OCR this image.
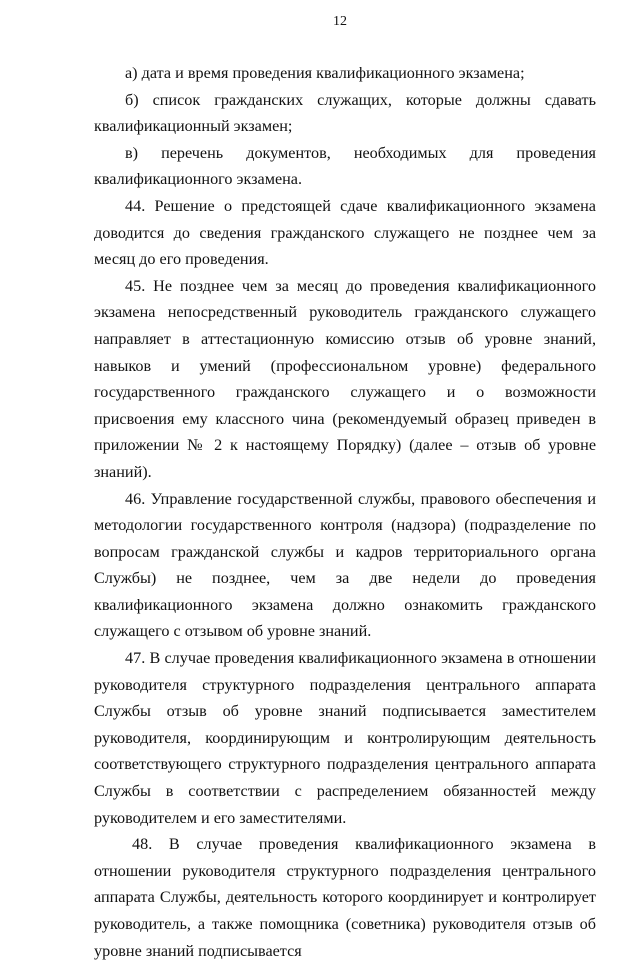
12

а) дата и время проведения квалификационного экзамена;

б) список гражданских служащих, которые должны сдавать квалификационный экзамен;

в) перечень документов, необходимых для проведения квалификационного экзамена.

44. Решение о предстоящей сдаче квалификационного экзамена доводится до сведения гражданского служащего не позднее чем за месяц до его проведения.

45. Не позднее чем за месяц до проведения квалификационного экзамена непосредственный руководитель гражданского служащего направляет в аттестационную комиссию отзыв об уровне знаний, навыков и умений (профессиональном уровне) федерального государственного гражданского служащего и о возможности присвоения ему классного чина (рекомендуемый образец приведен в приложении № 2 к настоящему Порядку) (далее – отзыв об уровне знаний).

46. Управление государственной службы, правового обеспечения и методологии государственного контроля (надзора) (подразделение по вопросам гражданской службы и кадров территориального органа Службы) не позднее, чем за две недели до проведения квалификационного экзамена должно ознакомить гражданского служащего с отзывом об уровне знаний.

47. В случае проведения квалификационного экзамена в отношении руководителя структурного подразделения центрального аппарата Службы отзыв об уровне знаний подписывается заместителем руководителя, координирующим и контролирующим деятельность соответствующего структурного подразделения центрального аппарата Службы в соответствии с распределением обязанностей между руководителем и его заместителями.

48. В случае проведения квалификационного экзамена в отношении руководителя структурного подразделения центрального аппарата Службы, деятельность которого координирует и контролирует руководитель, а также помощника (советника) руководителя отзыв об уровне знаний подписывается
